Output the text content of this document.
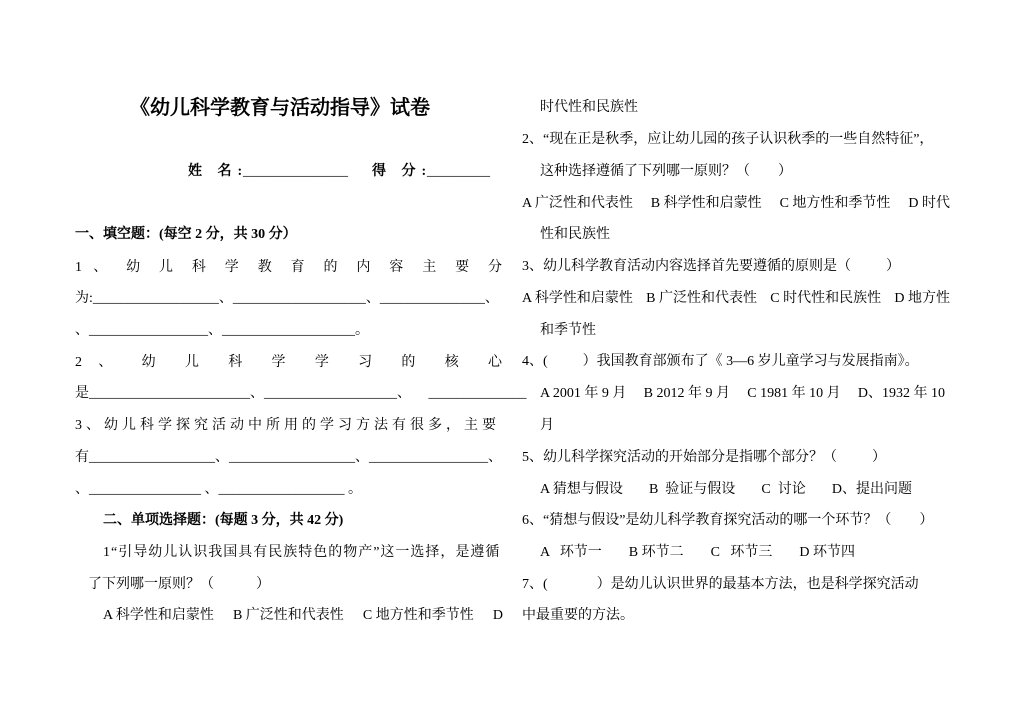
《幼儿科学教育与活动指导》试卷
姓 名:
_______________ 得 分:
_________
一、填空题：(每空 2 分，共 30 分）
1 、 幼 儿 科 学 教 育 的 内 容 主 要 分
为:__________________、___________________、_______________、
、_________________、___________________。
2 、 幼 儿 科 学 学 习 的 核 心
是_______________________、___________________、     ______________
3、幼儿科学探究活动中所用的学习方法有很多，主要
有__________________、__________________、_________________、
、________________ 、__________________ 。
二、单项选择题：(每题 3 分，共 42 分)
1“引导幼儿认识我国具有民族特色的物产”这一选择，是遵循
了下列哪一原则？（            ）
A 科学性和启蒙性 B 广泛性和代表性 C 地方性和季节性 D
时代性和民族性
2、“现在正是秋季，应让幼儿园的孩子认识秋季的一些自然特征”，
这种选择遵循了下列哪一原则？（        ）
A 广泛性和代表性 B 科学性和启蒙性 C 地方性和季节性 D 时代
性和民族性
3、幼儿科学教育活动内容选择首先要遵循的原则是（          ）
A 科学性和启蒙性 B 广泛性和代表性 C 时代性和民族性 D 地方性
和季节性
4、(          ）我国教育部颁布了《 3—6 岁儿童学习与发展指南》。
A 2001 年 9 月 B 2012 年 9 月 C 1981 年 10 月 D、1932 年 10
月
5、幼儿科学探究活动的开始部分是指哪个部分？（          ）
A 猜想与假设 B  验证与假设 C  讨论 D、提出问题
6、“猜想与假设”是幼儿科学教育探究活动的哪一个环节？（        ）
A   环节一 B 环节二 C   环节三 D 环节四
7、(              ）是幼儿认识世界的最基本方法，也是科学探究活动
中最重要的方法。
